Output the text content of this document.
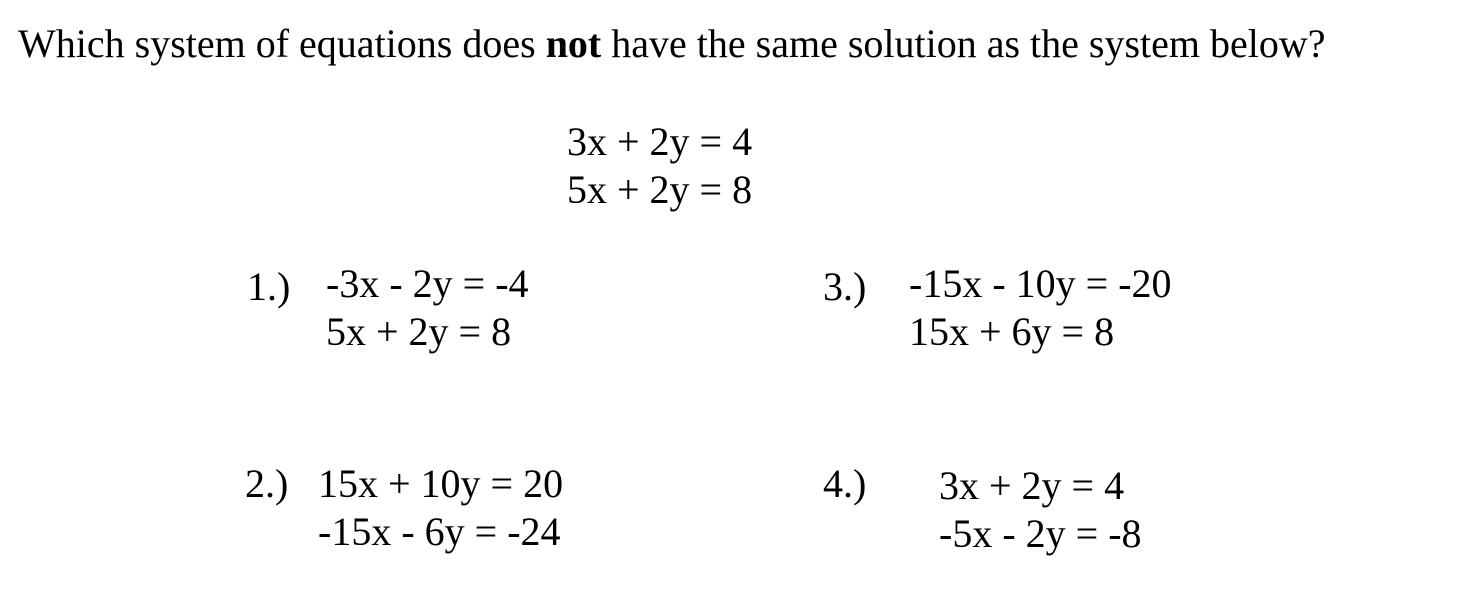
Which system of equations does not have the same solution as the system below?
3x + 2y = 4
5x + 2y = 8
1.) -3x - 2y = -4
5x + 2y = 8
2.) 15x + 10y = 20
-15x - 6y = -24
3.) -15x - 10y = -20
15x + 6y = 8
4.) 3x + 2y = 4
-5x - 2y = -8
